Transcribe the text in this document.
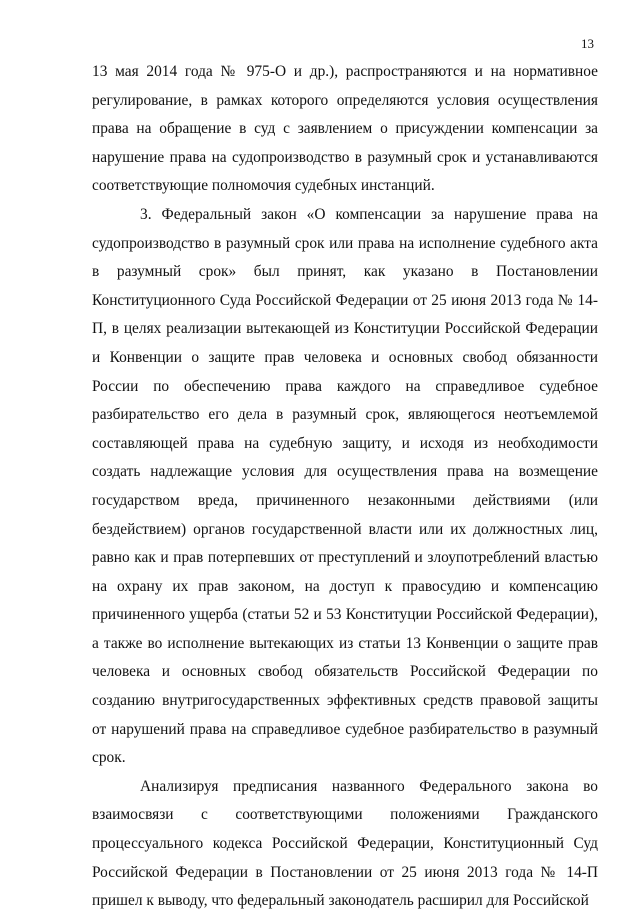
13

13 мая 2014 года № 975-О и др.), распространяются и на нормативное регулирование, в рамках которого определяются условия осуществления права на обращение в суд с заявлением о присуждении компенсации за нарушение права на судопроизводство в разумный срок и устанавливаются соответствующие полномочия судебных инстанций.

3. Федеральный закон «О компенсации за нарушение права на судопроизводство в разумный срок или права на исполнение судебного акта в разумный срок» был принят, как указано в Постановлении Конституционного Суда Российской Федерации от 25 июня 2013 года № 14-П, в целях реализации вытекающей из Конституции Российской Федерации и Конвенции о защите прав человека и основных свобод обязанности России по обеспечению права каждого на справедливое судебное разбирательство его дела в разумный срок, являющегося неотъемлемой составляющей права на судебную защиту, и исходя из необходимости создать надлежащие условия для осуществления права на возмещение государством вреда, причиненного незаконными действиями (или бездействием) органов государственной власти или их должностных лиц, равно как и прав потерпевших от преступлений и злоупотреблений властью на охрану их прав законом, на доступ к правосудию и компенсацию причиненного ущерба (статьи 52 и 53 Конституции Российской Федерации), а также во исполнение вытекающих из статьи 13 Конвенции о защите прав человека и основных свобод обязательств Российской Федерации по созданию внутригосударственных эффективных средств правовой защиты от нарушений права на справедливое судебное разбирательство в разумный срок.

Анализируя предписания названного Федерального закона во взаимосвязи с соответствующими положениями Гражданского процессуального кодекса Российской Федерации, Конституционный Суд Российской Федерации в Постановлении от 25 июня 2013 года № 14-П пришел к выводу, что федеральный законодатель расширил для Российской
